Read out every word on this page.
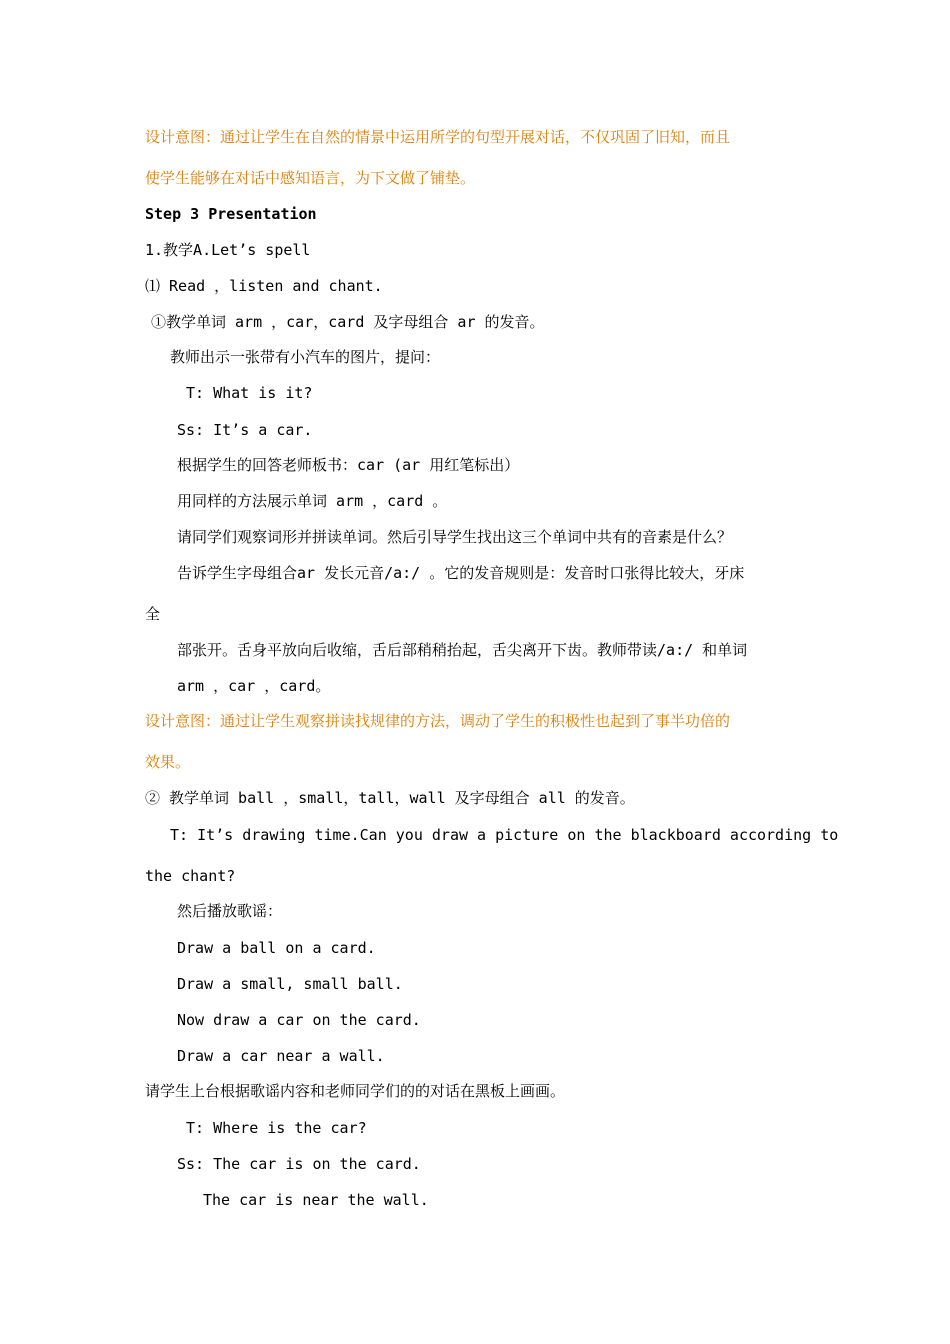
设计意图：通过让学生在自然的情景中运用所学的句型开展对话，不仅巩固了旧知，而且
使学生能够在对话中感知语言，为下文做了铺垫。
Step 3 Presentation
1.教学A.Let’s spell
⑴ Read ，listen and chant.
①教学单词 arm ，car，card 及字母组合 ar 的发音。
教师出示一张带有小汽车的图片，提问：
T: What is it?
Ss: It’s a car.
根据学生的回答老师板书：car (ar 用红笔标出）
用同样的方法展示单词 arm ，card 。
请同学们观察词形并拼读单词。然后引导学生找出这三个单词中共有的音素是什么？
告诉学生字母组合ar 发长元音/a:/ 。它的发音规则是：发音时口张得比较大，牙床
全
部张开。舌身平放向后收缩，舌后部稍稍抬起，舌尖离开下齿。教师带读/a:/ 和单词
arm ，car ，card。
设计意图：通过让学生观察拼读找规律的方法，调动了学生的积极性也起到了事半功倍的
效果。
② 教学单词 ball ，small，tall，wall 及字母组合 all 的发音。
T: It’s drawing time.Can you draw a picture on the blackboard according to
the chant?
然后播放歌谣：
Draw a ball on a card.
Draw a small, small ball.
Now draw a car on the card.
Draw a car near a wall.
请学生上台根据歌谣内容和老师同学们的的对话在黑板上画画。
T: Where is the car?
Ss: The car is on the card.
The car is near the wall.
